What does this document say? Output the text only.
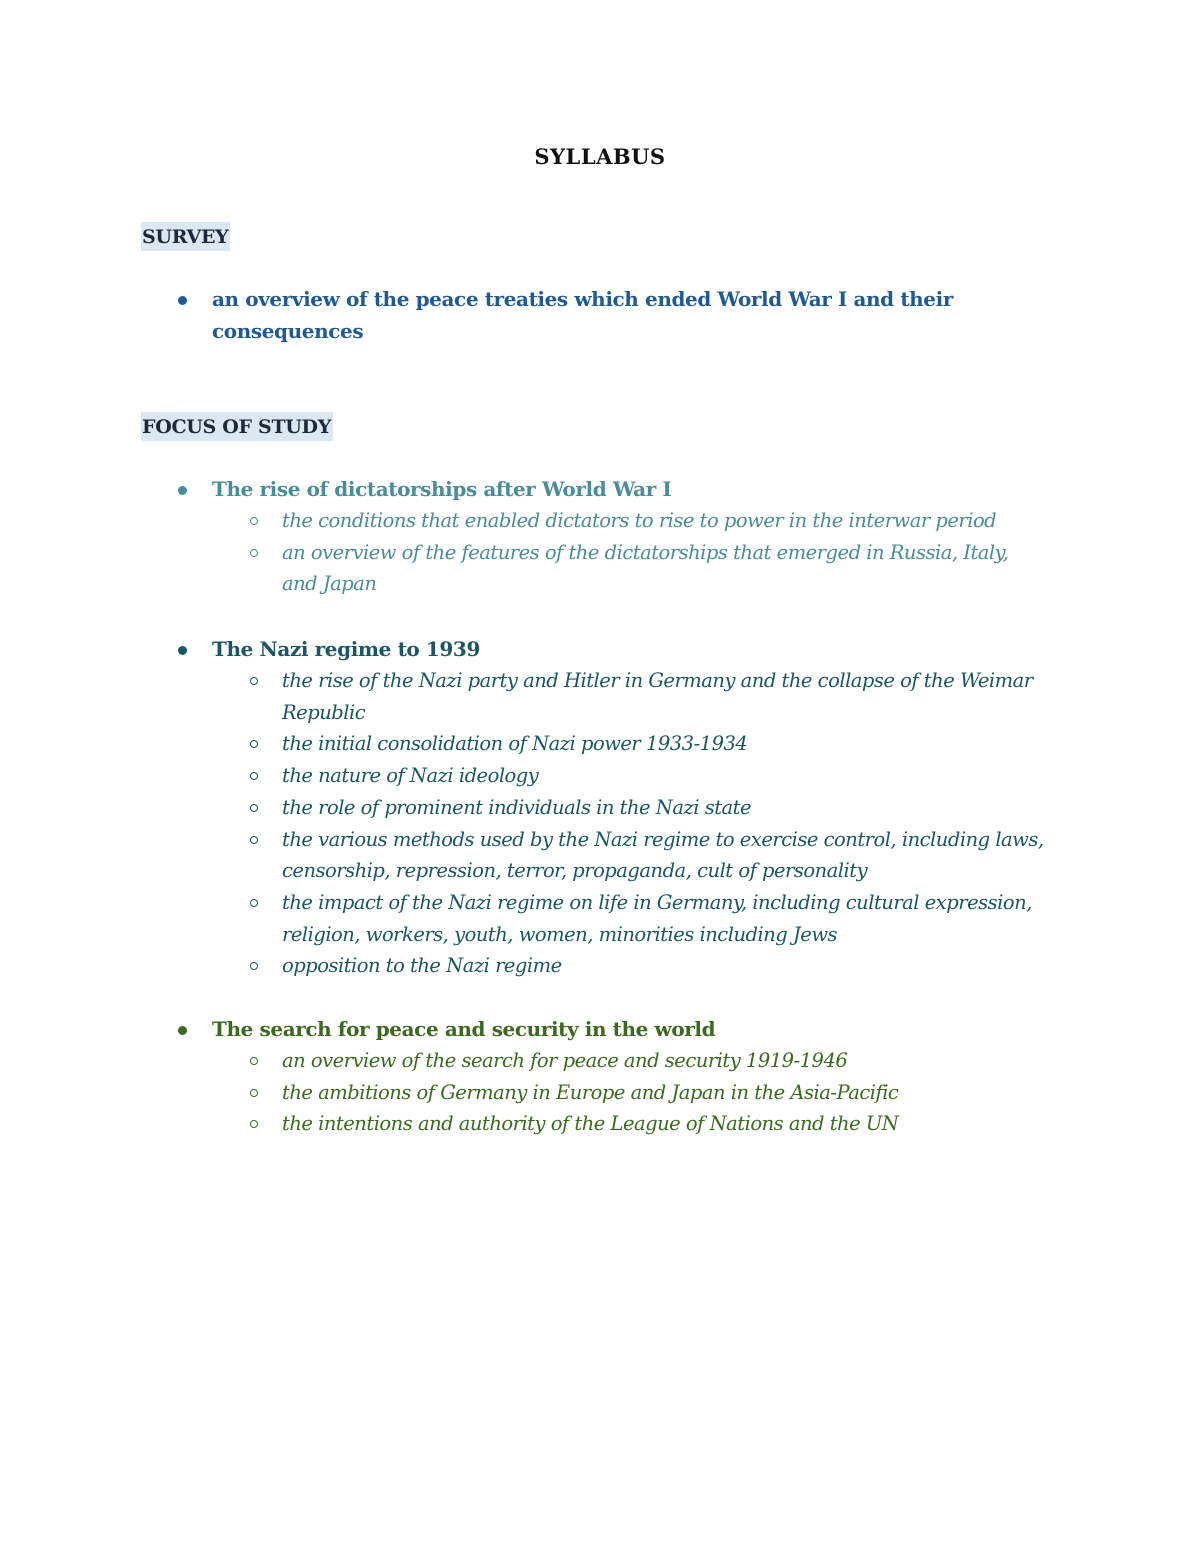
SYLLABUS
SURVEY
an overview of the peace treaties which ended World War I and their
consequences
FOCUS OF STUDY
The rise of dictatorships after World War I
the conditions that enabled dictators to rise to power in the interwar period
an overview of the features of the dictatorships that emerged in Russia, Italy,
and Japan
The Nazi regime to 1939
the rise of the Nazi party and Hitler in Germany and the collapse of the Weimar
Republic
the initial consolidation of Nazi power 1933-1934
the nature of Nazi ideology
the role of prominent individuals in the Nazi state
the various methods used by the Nazi regime to exercise control, including laws,
censorship, repression, terror, propaganda, cult of personality
the impact of the Nazi regime on life in Germany, including cultural expression,
religion, workers, youth, women, minorities including Jews
opposition to the Nazi regime
The search for peace and security in the world
an overview of the search for peace and security 1919-1946
the ambitions of Germany in Europe and Japan in the Asia-Pacific
the intentions and authority of the League of Nations and the UN
